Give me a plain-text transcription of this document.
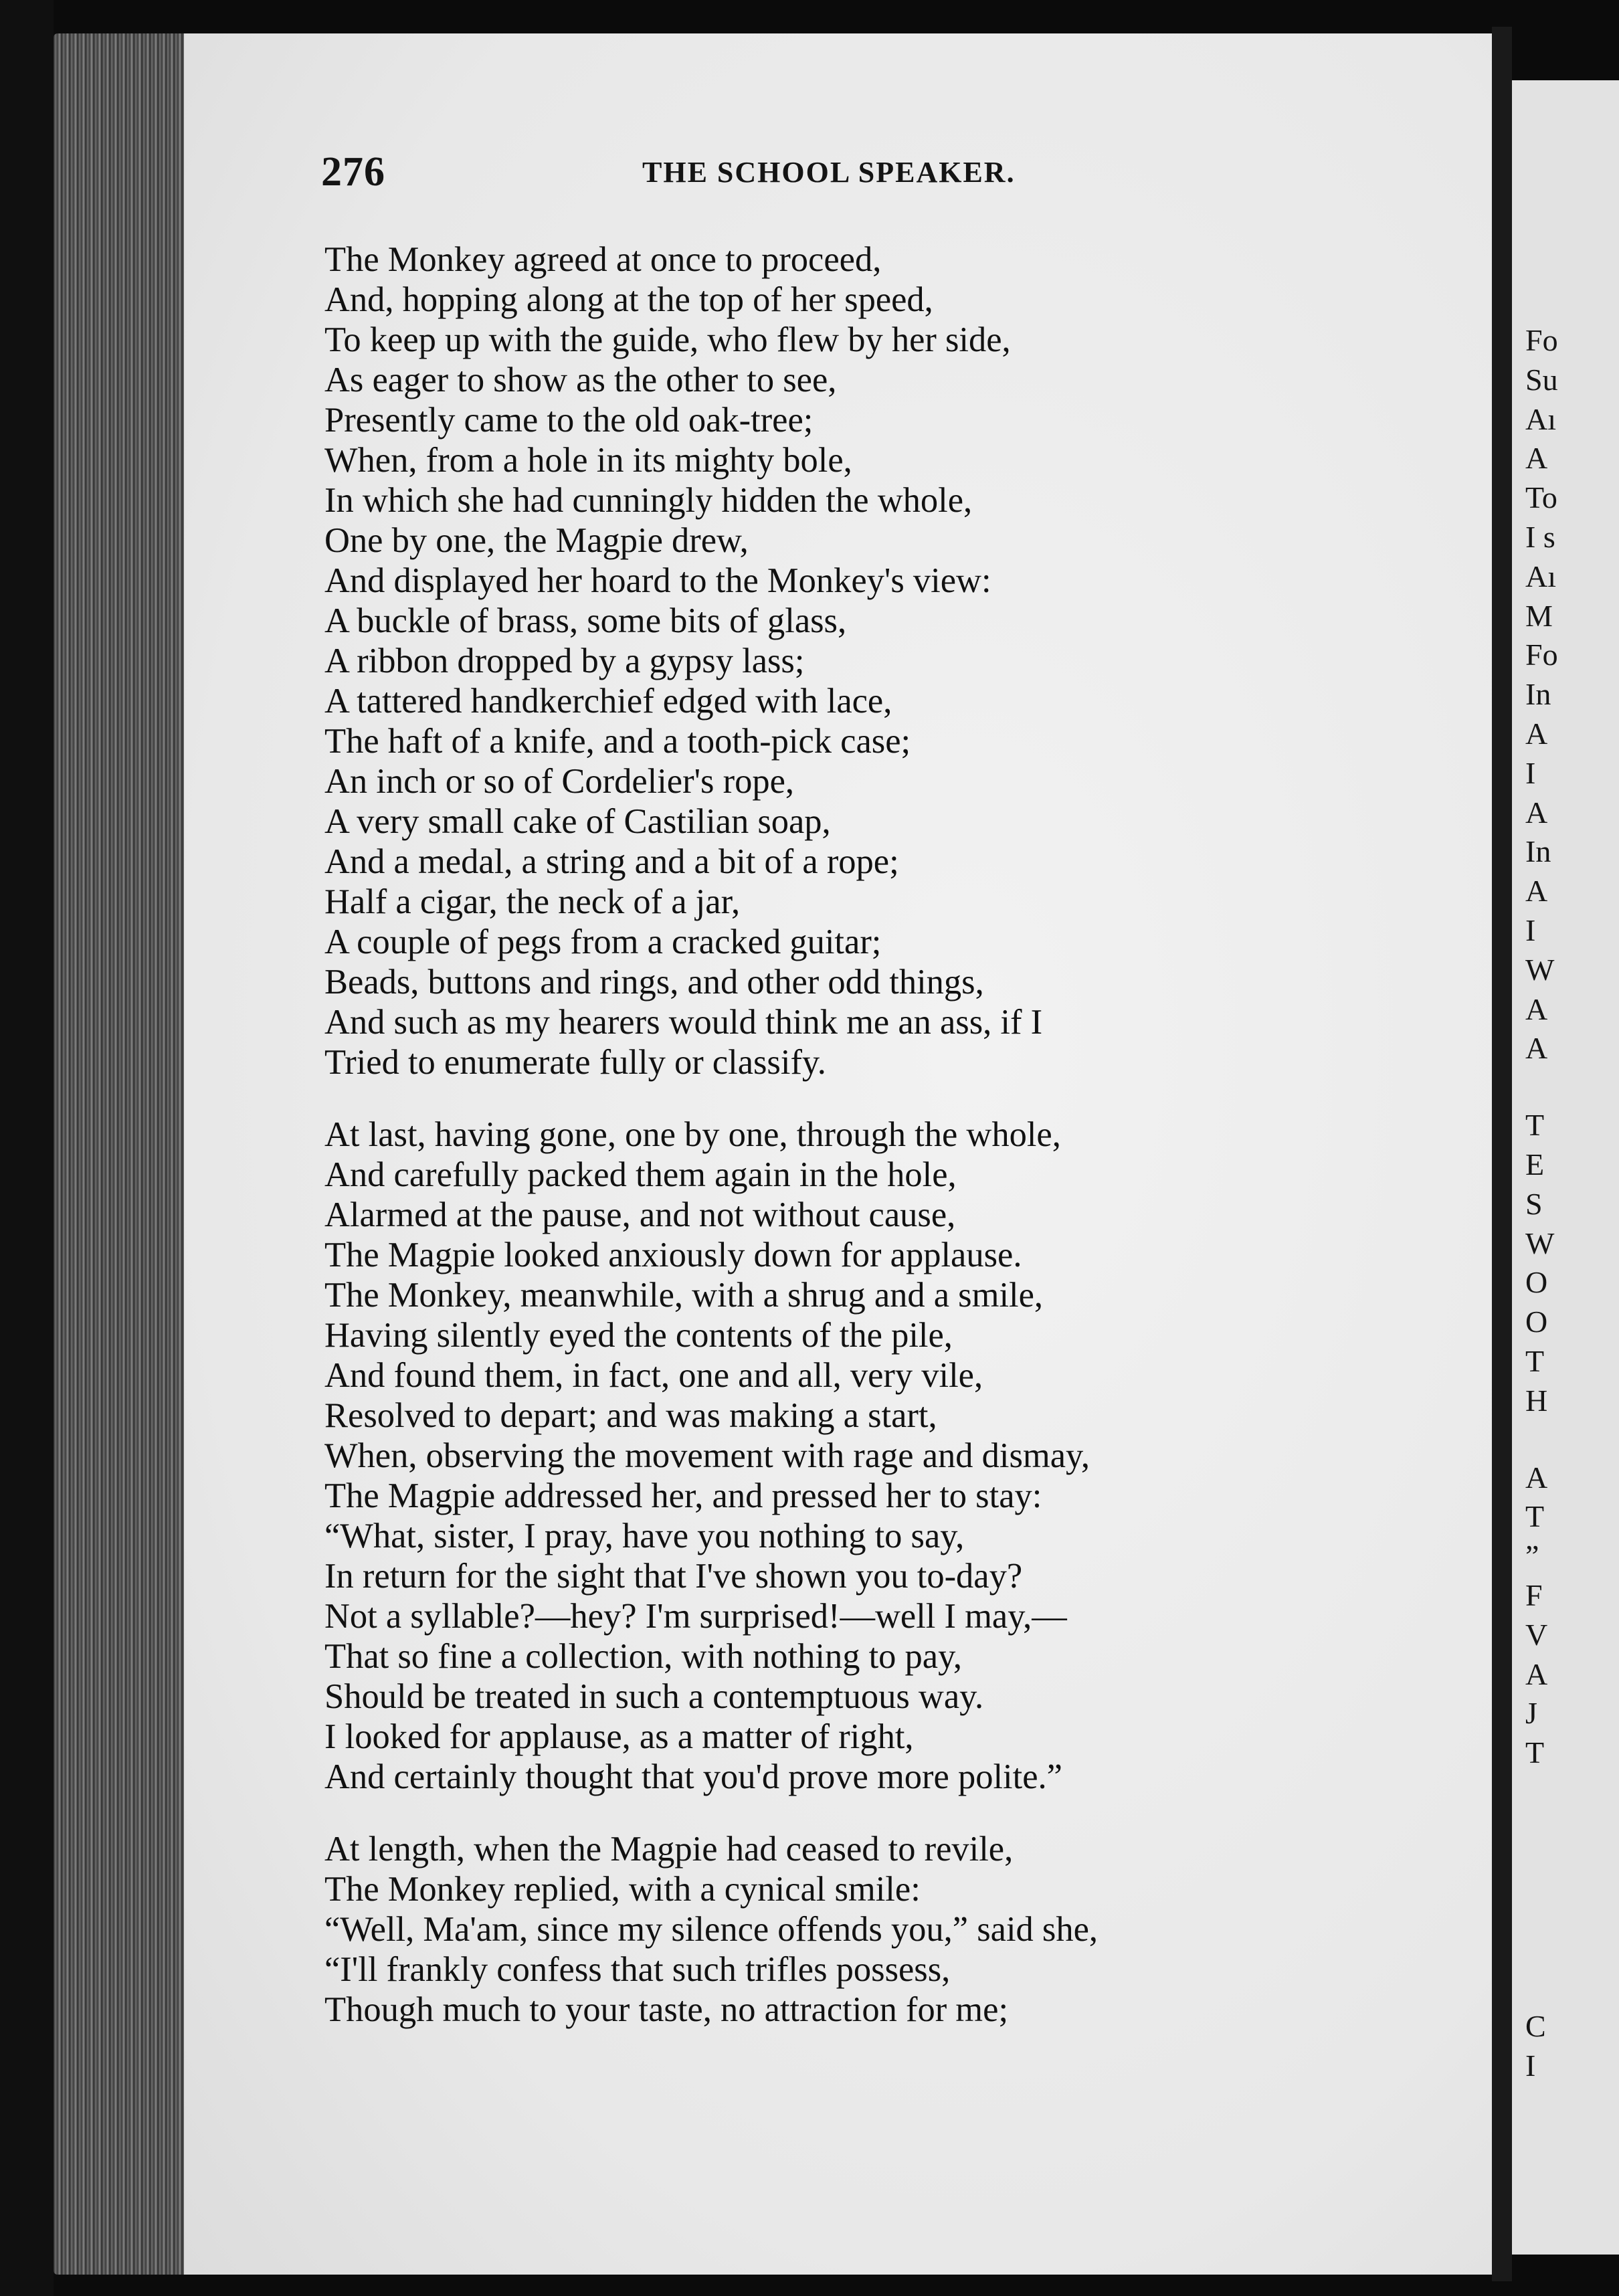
276	THE SCHOOL SPEAKER.
The Monkey agreed at once to proceed,
And, hopping along at the top of her speed,
To keep up with the guide, who flew by her side,
As eager to show as the other to see,
Presently came to the old oak-tree;
When, from a hole in its mighty bole,
In which she had cunningly hidden the whole,
One by one, the Magpie drew,
And displayed her hoard to the Monkey's view:
A buckle of brass, some bits of glass,
A ribbon dropped by a gypsy lass;
A tattered handkerchief edged with lace,
The haft of a knife, and a tooth-pick case;
An inch or so of Cordelier's rope,
A very small cake of Castilian soap,
And a medal, a string and a bit of a rope;
Half a cigar, the neck of a jar,
A couple of pegs from a cracked guitar;
Beads, buttons and rings, and other odd things,
And such as my hearers would think me an ass, if I
Tried to enumerate fully or classify.
At last, having gone, one by one, through the whole,
And carefully packed them again in the hole,
Alarmed at the pause, and not without cause,
The Magpie looked anxiously down for applause.
The Monkey, meanwhile, with a shrug and a smile,
Having silently eyed the contents of the pile,
And found them, in fact, one and all, very vile,
Resolved to depart; and was making a start,
When, observing the movement with rage and dismay,
The Magpie addressed her, and pressed her to stay:
“What, sister, I pray, have you nothing to say,
In return for the sight that I've shown you to-day?
Not a syllable?—hey? I'm surprised!—well I may,—
That so fine a collection, with nothing to pay,
Should be treated in such a contemptuous way.
I looked for applause, as a matter of right,
And certainly thought that you'd prove more polite.”
At length, when the Magpie had ceased to revile,
The Monkey replied, with a cynical smile:
“Well, Ma'am, since my silence offends you,” said she,
“I'll frankly confess that such trifles possess,
Though much to your taste, no attraction for me;
Fo
Su
Aı
A
To
I s
Aı
M
Fo
In
A
I
A
In
A
I
W
A
A
T
E
S
W
O
O
T
H
A
T
”
F
V
A
J
T
C
I
